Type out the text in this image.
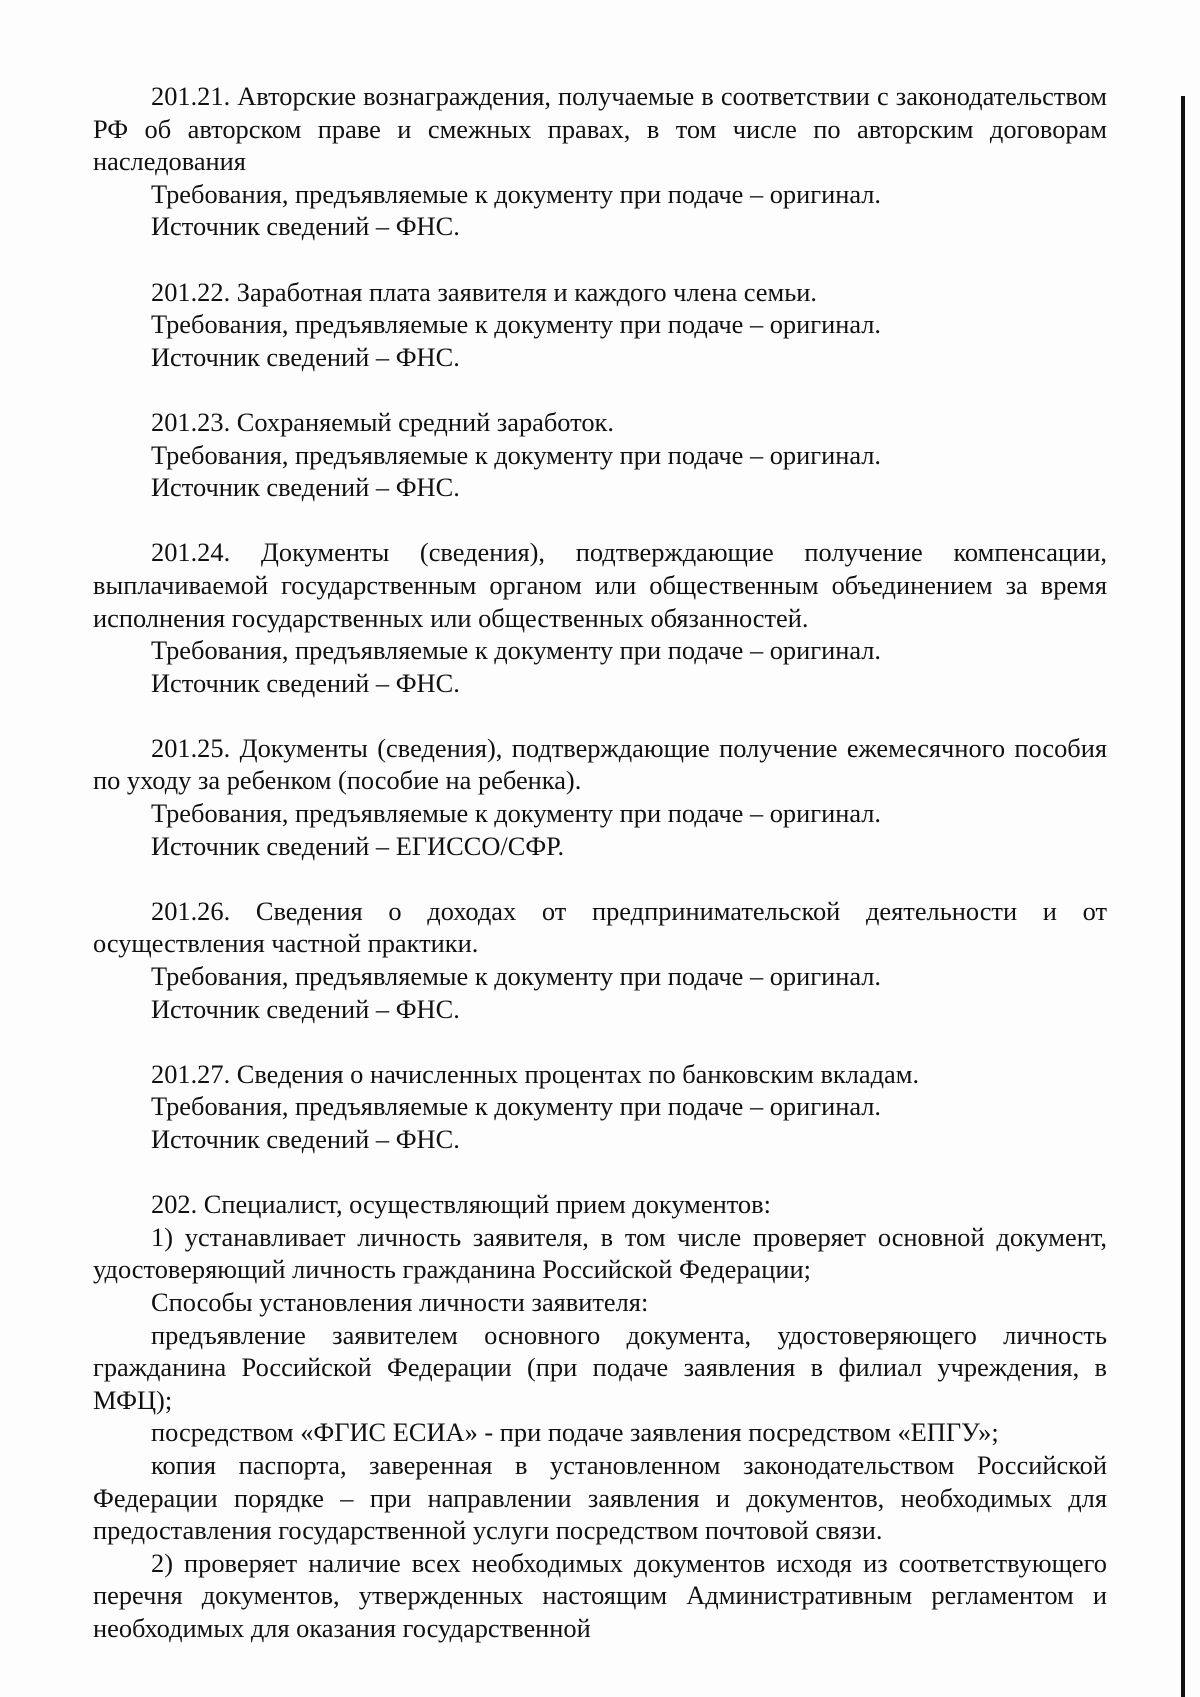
201.21. Авторские вознаграждения, получаемые в соответствии с законодательством РФ об авторском праве и смежных правах, в том числе по авторским договорам наследования

Требования, предъявляемые к документу при подаче – оригинал.

Источник сведений – ФНС.

201.22. Заработная плата заявителя и каждого члена семьи.

Требования, предъявляемые к документу при подаче – оригинал.

Источник сведений – ФНС.

201.23. Сохраняемый средний заработок.

Требования, предъявляемые к документу при подаче – оригинал.

Источник сведений – ФНС.

201.24. Документы (сведения), подтверждающие получение компенсации, выплачиваемой государственным органом или общественным объединением за время исполнения государственных или общественных обязанностей.

Требования, предъявляемые к документу при подаче – оригинал.

Источник сведений – ФНС.

201.25. Документы (сведения), подтверждающие получение ежемесячного пособия по уходу за ребенком (пособие на ребенка).

Требования, предъявляемые к документу при подаче – оригинал.

Источник сведений – ЕГИССО/СФР.

201.26. Сведения о доходах от предпринимательской деятельности и от осуществления частной практики.

Требования, предъявляемые к документу при подаче – оригинал.

Источник сведений – ФНС.

201.27. Сведения о начисленных процентах по банковским вкладам.

Требования, предъявляемые к документу при подаче – оригинал.

Источник сведений – ФНС.

202. Специалист, осуществляющий прием документов:

1) устанавливает личность заявителя, в том числе проверяет основной документ, удостоверяющий личность гражданина Российской Федерации;

Способы установления личности заявителя:

предъявление заявителем основного документа, удостоверяющего личность гражданина Российской Федерации (при подаче заявления в филиал учреждения, в МФЦ);

посредством «ФГИС ЕСИА» - при подаче заявления посредством «ЕПГУ»;

копия паспорта, заверенная в установленном законодательством Российской Федерации порядке – при направлении заявления и документов, необходимых для предоставления государственной услуги посредством почтовой связи.

2) проверяет наличие всех необходимых документов исходя из соответствующего перечня документов, утвержденных настоящим Административным регламентом и необходимых для оказания государственной
